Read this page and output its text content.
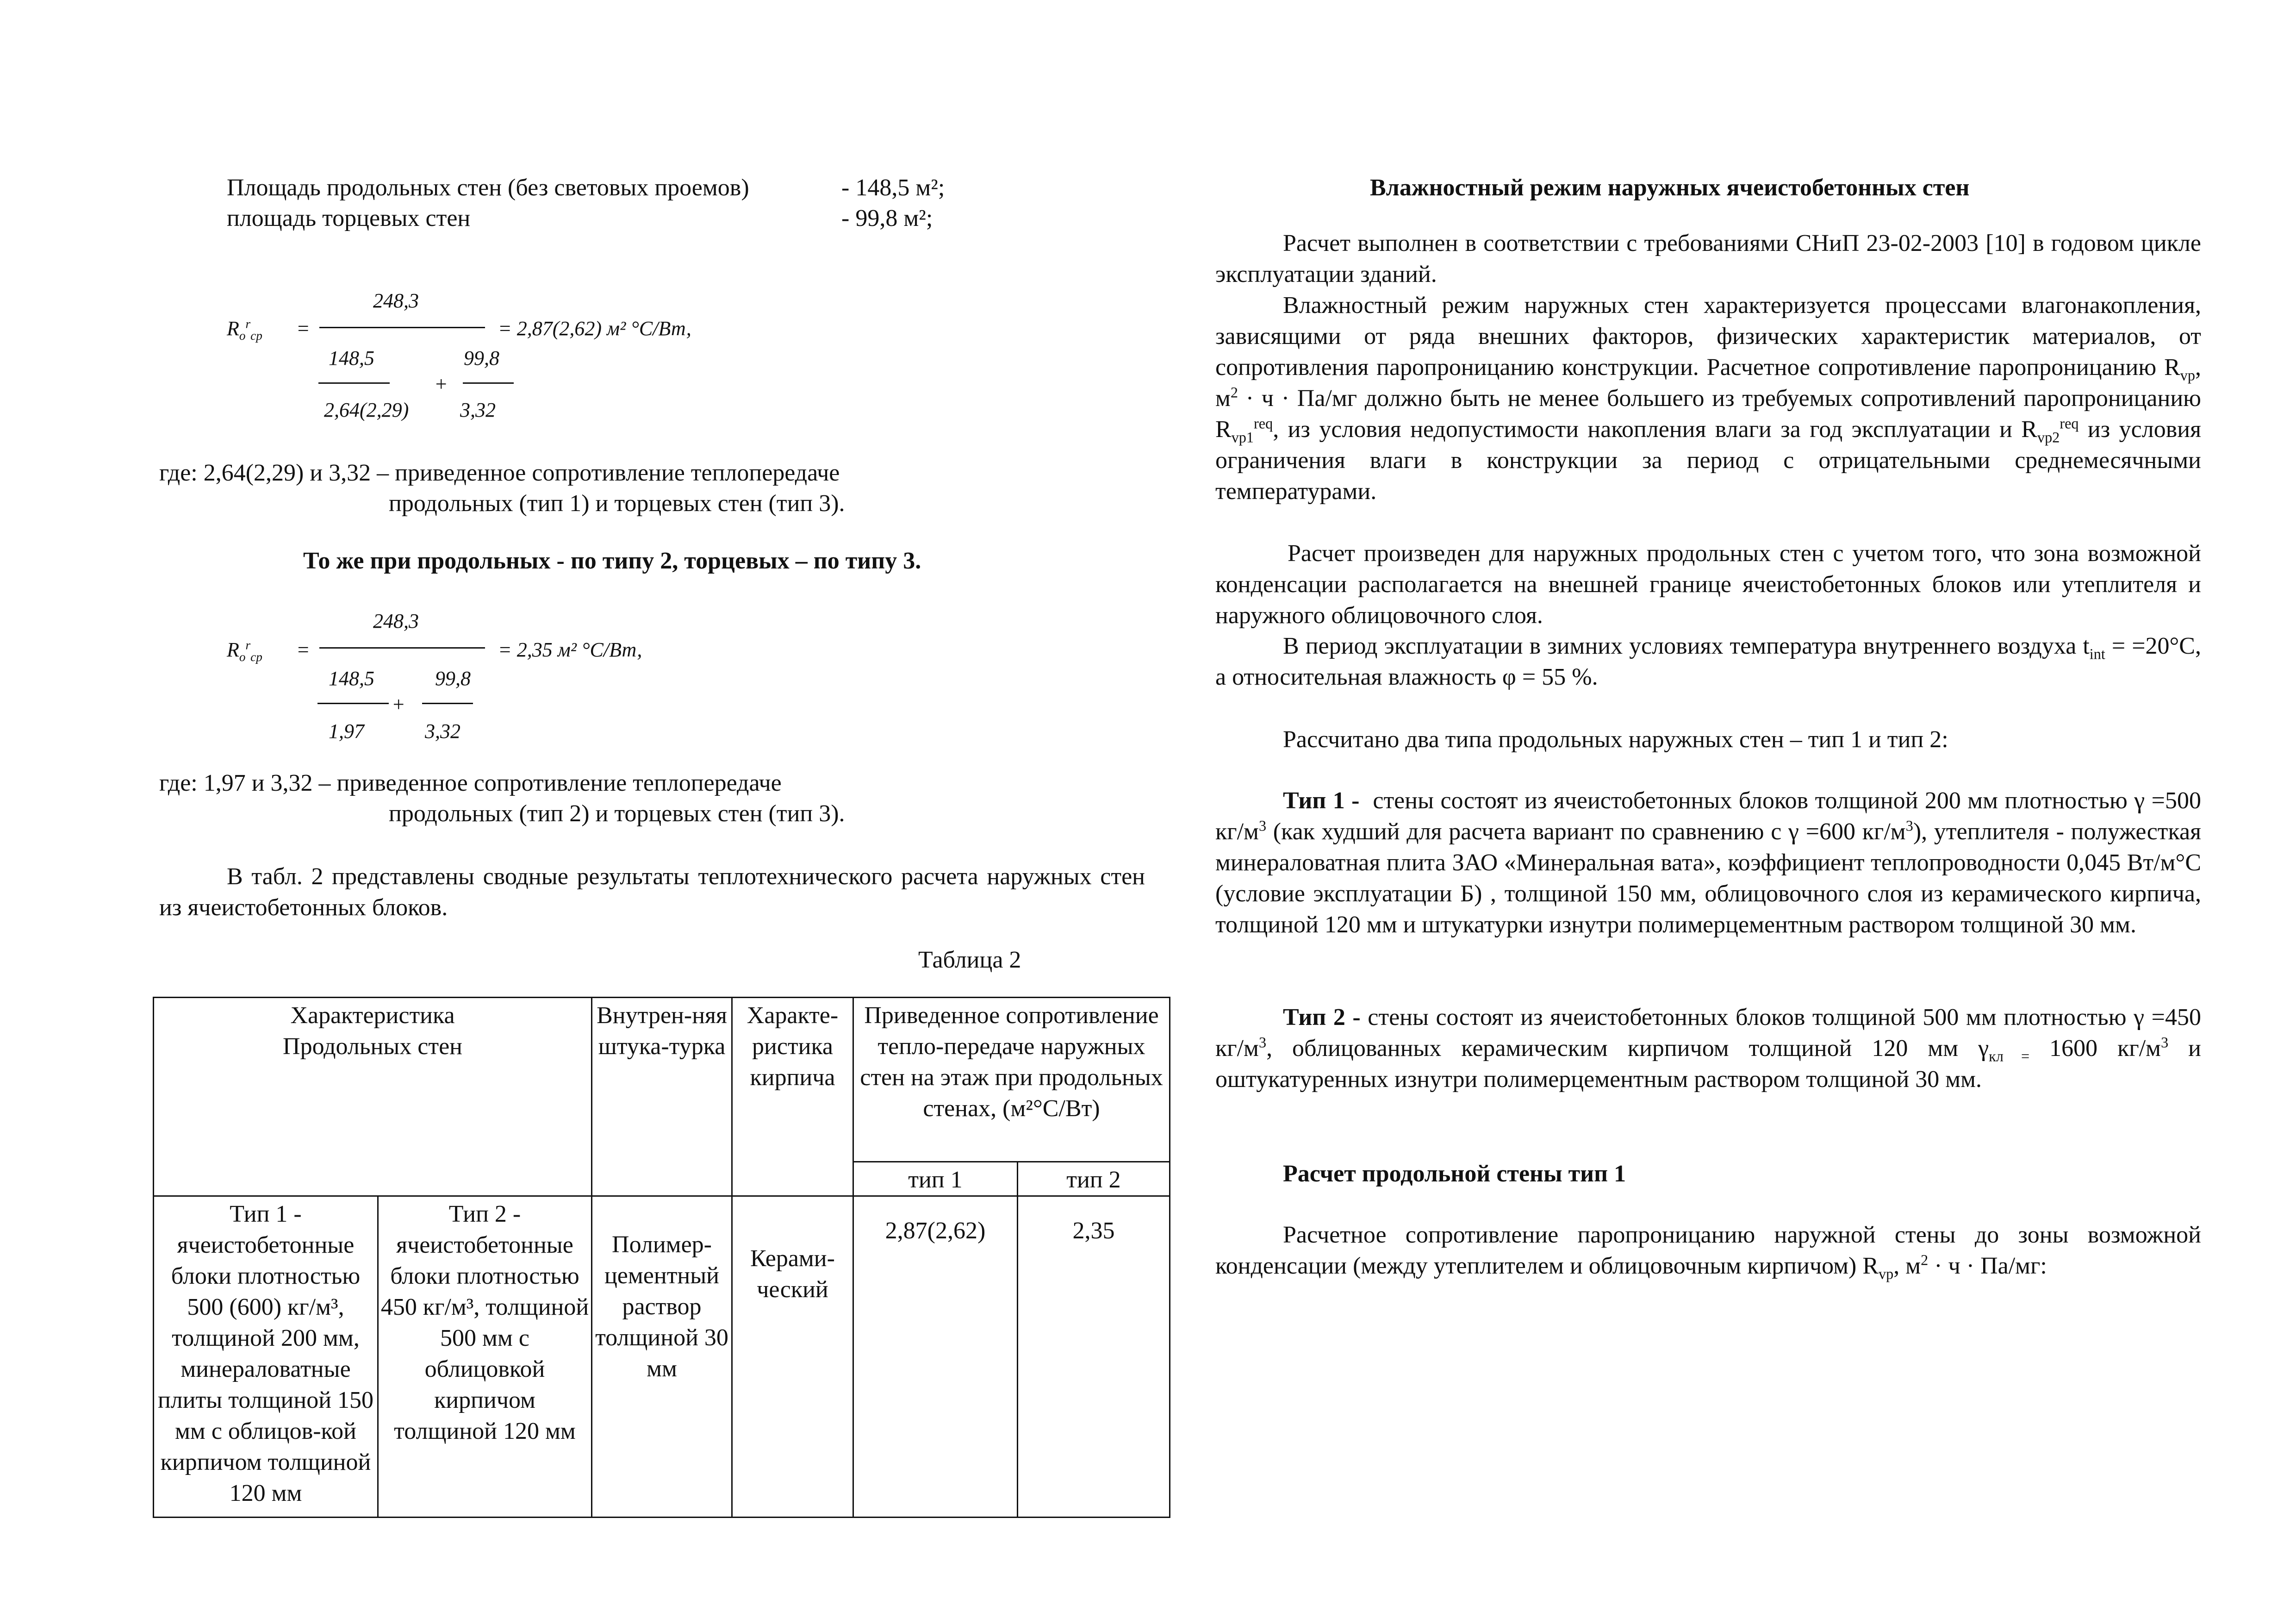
Площадь продольных стен (без световых проемов)	- 148,5 м²;
площадь торцевых стен	- 99,8 м²;
$R_о^r_{ср}$ =
248,3
= 2,87(2,62) м² °С/Вт,
148,5	99,8
+
2,64(2,29)	3,32
где: 2,64(2,29) и 3,32 – приведенное сопротивление теплопередаче
продольных (тип 1) и торцевых стен (тип 3).
То же при продольных - по типу 2, торцевых – по типу 3.
$R_о^r_{ср}$ =
248,3
= 2,35 м² °С/Вт,
148,5	99,8
+
1,97	3,32
где: 1,97 и 3,32 – приведенное сопротивление теплопередаче
продольных (тип 2) и торцевых стен (тип 3).
В табл. 2 представлены сводные результаты теплотехнического расчета наружных стен из ячеистобетонных блоков.
Таблица 2
Характеристика Продольных стен		Внутрен-няя штука-турка	Характе-ристика кирпича	Приведенное сопротивление тепло-передаче наружных стен на этаж при продольных стенах, (м²°С/Вт)	
				тип 1	тип 2
Тип 1 - ячеистобетонные блоки плотностью 500 (600) кг/м³, толщиной 200 мм, минераловатные плиты толщиной 150 мм с облицов-кой кирпичом толщиной 120 мм	Тип 2 - ячеистобетонные блоки плотностью 450 кг/м³, толщиной 500 мм с облицовкой кирпичом толщиной 120 мм	Полимер-цементный раствор толщиной 30 мм	Керами-ческий	2,87(2,62)	2,35
Влажностный режим наружных ячеистобетонных стен
Расчет выполнен в соответствии с требованиями СНиП 23-02-2003 [10] в годовом цикле эксплуатации зданий.
Влажностный режим наружных стен характеризуется процессами влагонакопления, зависящими от ряда внешних факторов, физических характеристик материалов, от сопротивления паропроницанию конструкции. Расчетное сопротивление паропроницанию $R_{vp}$, $м^2 \cdot ч \cdot Па/мг$ должно быть не менее большего из требуемых сопротивлений паропроницанию $R_{vp1}^{req}$, из условия недопустимости накопления влаги за год эксплуатации и $R_{vp2}^{req}$ из условия ограничения влаги в конструкции за период с отрицательными среднемесячными температурами.
Расчет произведен для наружных продольных стен с учетом того, что зона возможной конденсации располагается на внешней границе ячеистобетонных блоков или утеплителя и наружного облицовочного слоя.
В период эксплуатации в зимних условиях температура внутреннего воздуха $t_{int} = =20^\circ С$, а относительная влажность φ = 55 %.
Рассчитано два типа продольных наружных стен – тип 1 и тип 2:
Тип 1 -  стены состоят из ячеистобетонных блоков толщиной 200 мм плотностью γ =500 $кг/м^3$ (как худший для расчета вариант по сравнению с γ =600 $кг/м^3$), утеплителя - полужесткая минераловатная плита ЗАО «Минеральная вата», коэффициент теплопроводности 0,045 Вт/м°С (условие эксплуатации Б) , толщиной 150 мм, облицовочного слоя из керамического кирпича, толщиной 120 мм и штукатурки изнутри полимерцементным раствором толщиной 30 мм.
Тип 2 - стены состоят из ячеистобетонных блоков толщиной 500 мм плотностью γ =450 $кг/м^3$, облицованных керамическим кирпичом толщиной 120 мм $\gamma_{кл =}$ 1600 $кг/м^3$ и оштукатуренных изнутри полимерцементным раствором толщиной 30 мм.
Расчет продольной стены тип 1
Расчетное сопротивление паропроницанию наружной стены до зоны возможной конденсации (между утеплителем и облицовочным кирпичом) $R_{vp}$, $м^2 \cdot ч \cdot Па/мг$:
